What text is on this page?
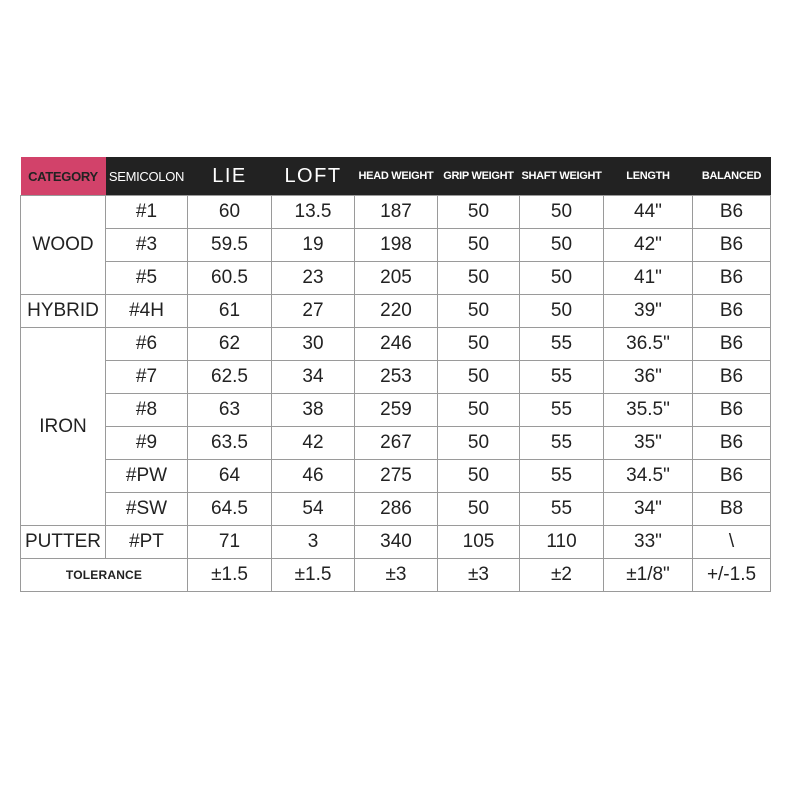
CATEGORY	SEMICOLON	LIE	LOFT	HEAD WEIGHT	GRIP WEIGHT	SHAFT WEIGHT	LENGTH	BALANCED
WOOD	#1	60	13.5	187	50	50	44"	B6
	#3	59.5	19	198	50	50	42"	B6
	#5	60.5	23	205	50	50	41"	B6
HYBRID	#4H	61	27	220	50	50	39"	B6
IRON	#6	62	30	246	50	55	36.5"	B6
	#7	62.5	34	253	50	55	36"	B6
	#8	63	38	259	50	55	35.5"	B6
	#9	63.5	42	267	50	55	35"	B6
	#PW	64	46	275	50	55	34.5"	B6
	#SW	64.5	54	286	50	55	34"	B8
PUTTER	#PT	71	3	340	105	110	33"	\
TOLERANCE		±1.5	±1.5	±3	±3	±2	±1/8"	+/-1.5
